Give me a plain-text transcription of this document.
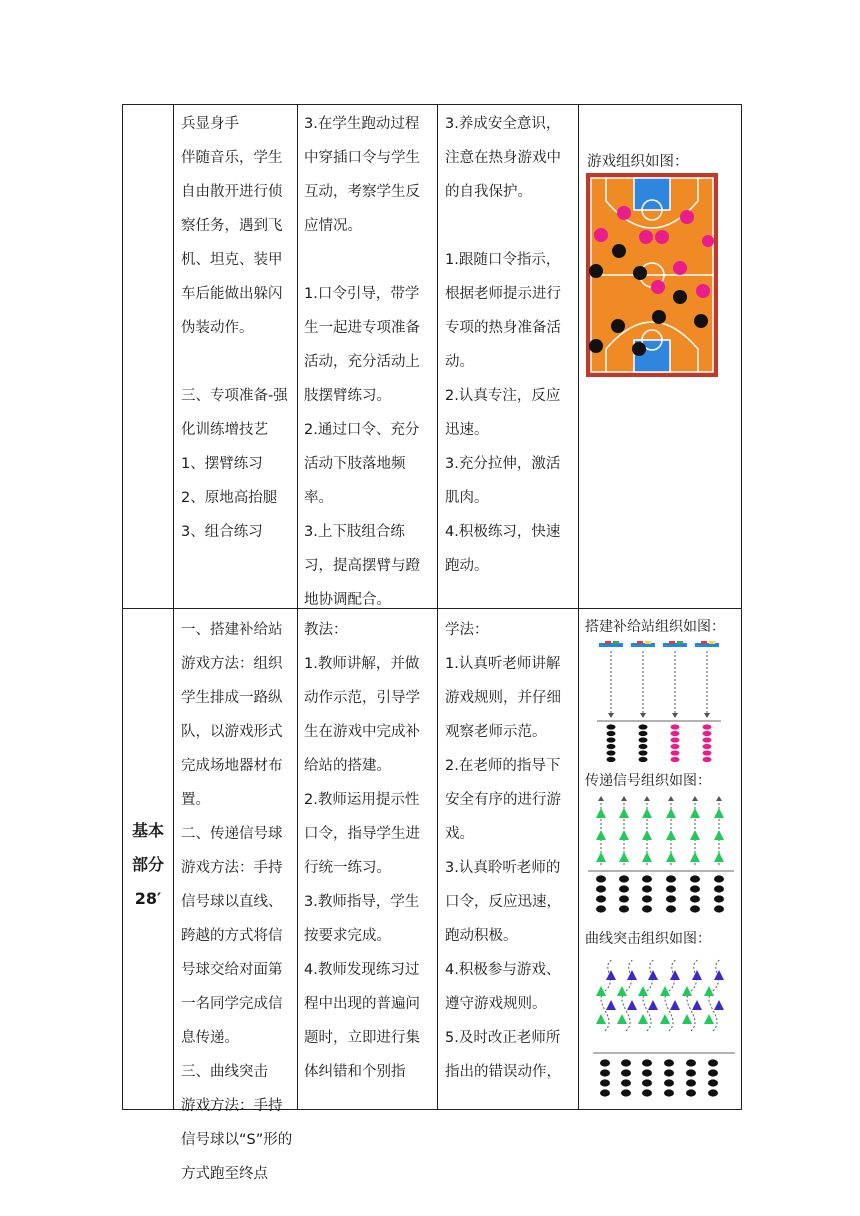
兵显身手

伴随音乐，学生自由散开进行侦察任务，遇到飞机、坦克、装甲车后能做出躲闪伪装动作。

三、专项准备-强化训练增技艺

1、摆臂练习

2、原地高抬腿

3、组合练习

3.在学生跑动过程中穿插口令与学生互动，考察学生反应情况。

1.口令引导，带学生一起进专项准备活动，充分活动上肢摆臂练习。

2.通过口令、充分活动下肢落地频率。

3.上下肢组合练习，提高摆臂与蹬地协调配合。

3.养成安全意识，注意在热身游戏中的自我保护。

1.跟随口令指示，根据老师提示进行专项的热身准备活动。

2.认真专注，反应迅速。

3.充分拉伸，激活肌肉。

4.积极练习，快速跑动。

游戏组织如图：

基本

部分

28′

一、搭建补给站

游戏方法：组织学生排成一路纵队，以游戏形式完成场地器材布置。

二、传递信号球

游戏方法：手持信号球以直线、跨越的方式将信号球交给对面第一名同学完成信息传递。

三、曲线突击

游戏方法：手持信号球以“S”形的方式跑至终点

教法：

1.教师讲解，并做动作示范，引导学生在游戏中完成补给站的搭建。

2.教师运用提示性口令，指导学生进行统一练习。

3.教师指导，学生按要求完成。

4.教师发现练习过程中出现的普遍问题时，立即进行集体纠错和个别指

学法：

1.认真听老师讲解游戏规则，并仔细观察老师示范。

2.在老师的指导下安全有序的进行游戏。

3.认真聆听老师的口令，反应迅速，跑动积极。

4.积极参与游戏、遵守游戏规则。

5.及时改正老师所指出的错误动作，

搭建补给站组织如图：
传递信号组织如图：
曲线突击组织如图：
